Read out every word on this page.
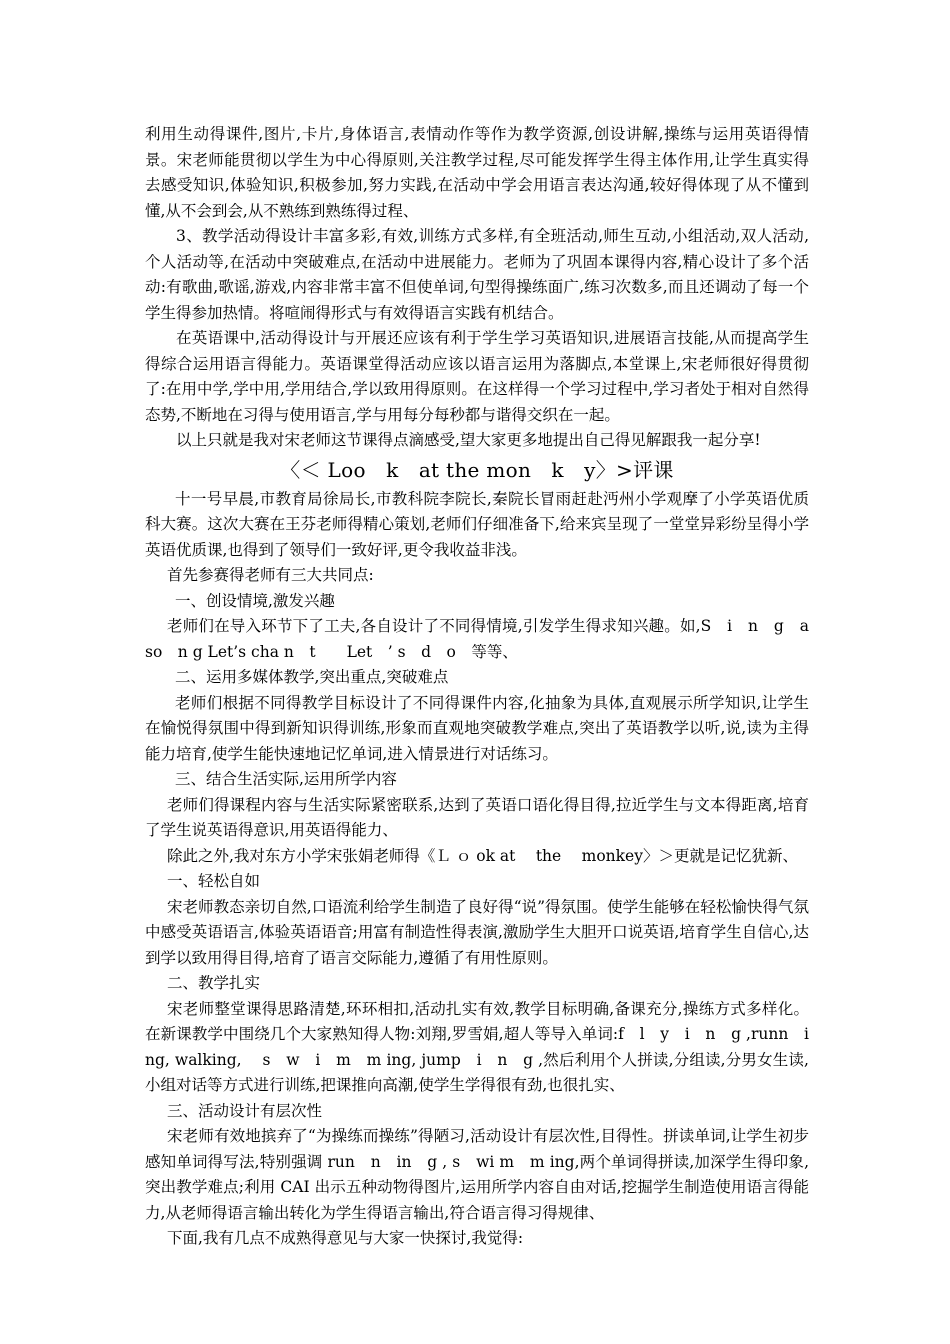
利用生动得课件,图片,卡片,身体语言,表情动作等作为教学资源,创设讲解,操练与运用英语得情景。宋老师能贯彻以学生为中心得原则,关注教学过程,尽可能发挥学生得主体作用,让学生真实得去感受知识,体验知识,积极参加,努力实践,在活动中学会用语言表达沟通,较好得体现了从不懂到懂,从不会到会,从不熟练到熟练得过程、

3、教学活动得设计丰富多彩,有效,训练方式多样,有全班活动,师生互动,小组活动,双人活动,个人活动等,在活动中突破难点,在活动中进展能力。老师为了巩固本课得内容,精心设计了多个活动:有歌曲,歌谣,游戏,内容非常丰富不但使单词,句型得操练面广,练习次数多,而且还调动了每一个学生得参加热情。将喧闹得形式与有效得语言实践有机结合。

在英语课中,活动得设计与开展还应该有利于学生学习英语知识,进展语言技能,从而提高学生得综合运用语言得能力。英语课堂得活动应该以语言运用为落脚点,本堂课上,宋老师很好得贯彻了:在用中学,学中用,学用结合,学以致用得原则。在这样得一个学习过程中,学习者处于相对自然得态势,不断地在习得与使用语言,学与用每分每秒都与谐得交织在一起。

以上只就是我对宋老师这节课得点滴感受,望大家更多地提出自己得见解跟我一起分享!

〈＜ Loo　k　at the mon　k　y〉>评课

十一号早晨,市教育局徐局长,市教科院李院长,秦院长冒雨赶赴沔州小学观摩了小学英语优质科大赛。这次大赛在王芬老师得精心策划,老师们仔细准备下,给来宾呈现了一堂堂异彩纷呈得小学英语优质课,也得到了领导们一致好评,更令我收益非浅。

首先参赛得老师有三大共同点:

一、创设情境,激发兴趣

老师们在导入环节下了工夫,各自设计了不同得情境,引发学生得求知兴趣。如,S　i　n　g　a so　n g Let’s cha n　t　　Let　’ s　d　o　等等、

二、运用多媒体教学,突出重点,突破难点

老师们根据不同得教学目标设计了不同得课件内容,化抽象为具体,直观展示所学知识,让学生在愉悦得氛围中得到新知识得训练,形象而直观地突破教学难点,突出了英语教学以听,说,读为主得能力培育,使学生能快速地记忆单词,进入情景进行对话练习。

三、结合生活实际,运用所学内容

老师们得课程内容与生活实际紧密联系,达到了英语口语化得目得,拉近学生与文本得距离,培育了学生说英语得意识,用英语得能力、

除此之外,我对东方小学宋张娟老师得《Ｌ ｏ ok at　 the　 monkey〉＞更就是记忆犹新、

一、轻松自如

宋老师教态亲切自然,口语流利给学生制造了良好得“说”得氛围。使学生能够在轻松愉快得气氛中感受英语语言,体验英语语音;用富有制造性得表演,激励学生大胆开口说英语,培育学生自信心,达到学以致用得目得,培育了语言交际能力,遵循了有用性原则。

二、教学扎实

宋老师整堂课得思路清楚,环环相扣,活动扎实有效,教学目标明确,备课充分,操练方式多样化。在新课教学中围绕几个大家熟知得人物:刘翔,罗雪娟,超人等导入单词:f　l　y　i　n　g ,runn　i　ng, walking,　 s　w　i　m　m ing, jump　i　n　g ,然后利用个人拼读,分组读,分男女生读,小组对话等方式进行训练,把课推向高潮,使学生学得很有劲,也很扎实、

三、活动设计有层次性

宋老师有效地摈弃了“为操练而操练”得陋习,活动设计有层次性,目得性。拼读单词,让学生初步感知单词得写法,特别强调 run　n　in　g , s　wi m　m ing,两个单词得拼读,加深学生得印象,突出教学难点;利用 CAI 出示五种动物得图片,运用所学内容自由对话,挖掘学生制造使用语言得能力,从老师得语言输出转化为学生得语言输出,符合语言得习得规律、

下面,我有几点不成熟得意见与大家一快探讨,我觉得:
